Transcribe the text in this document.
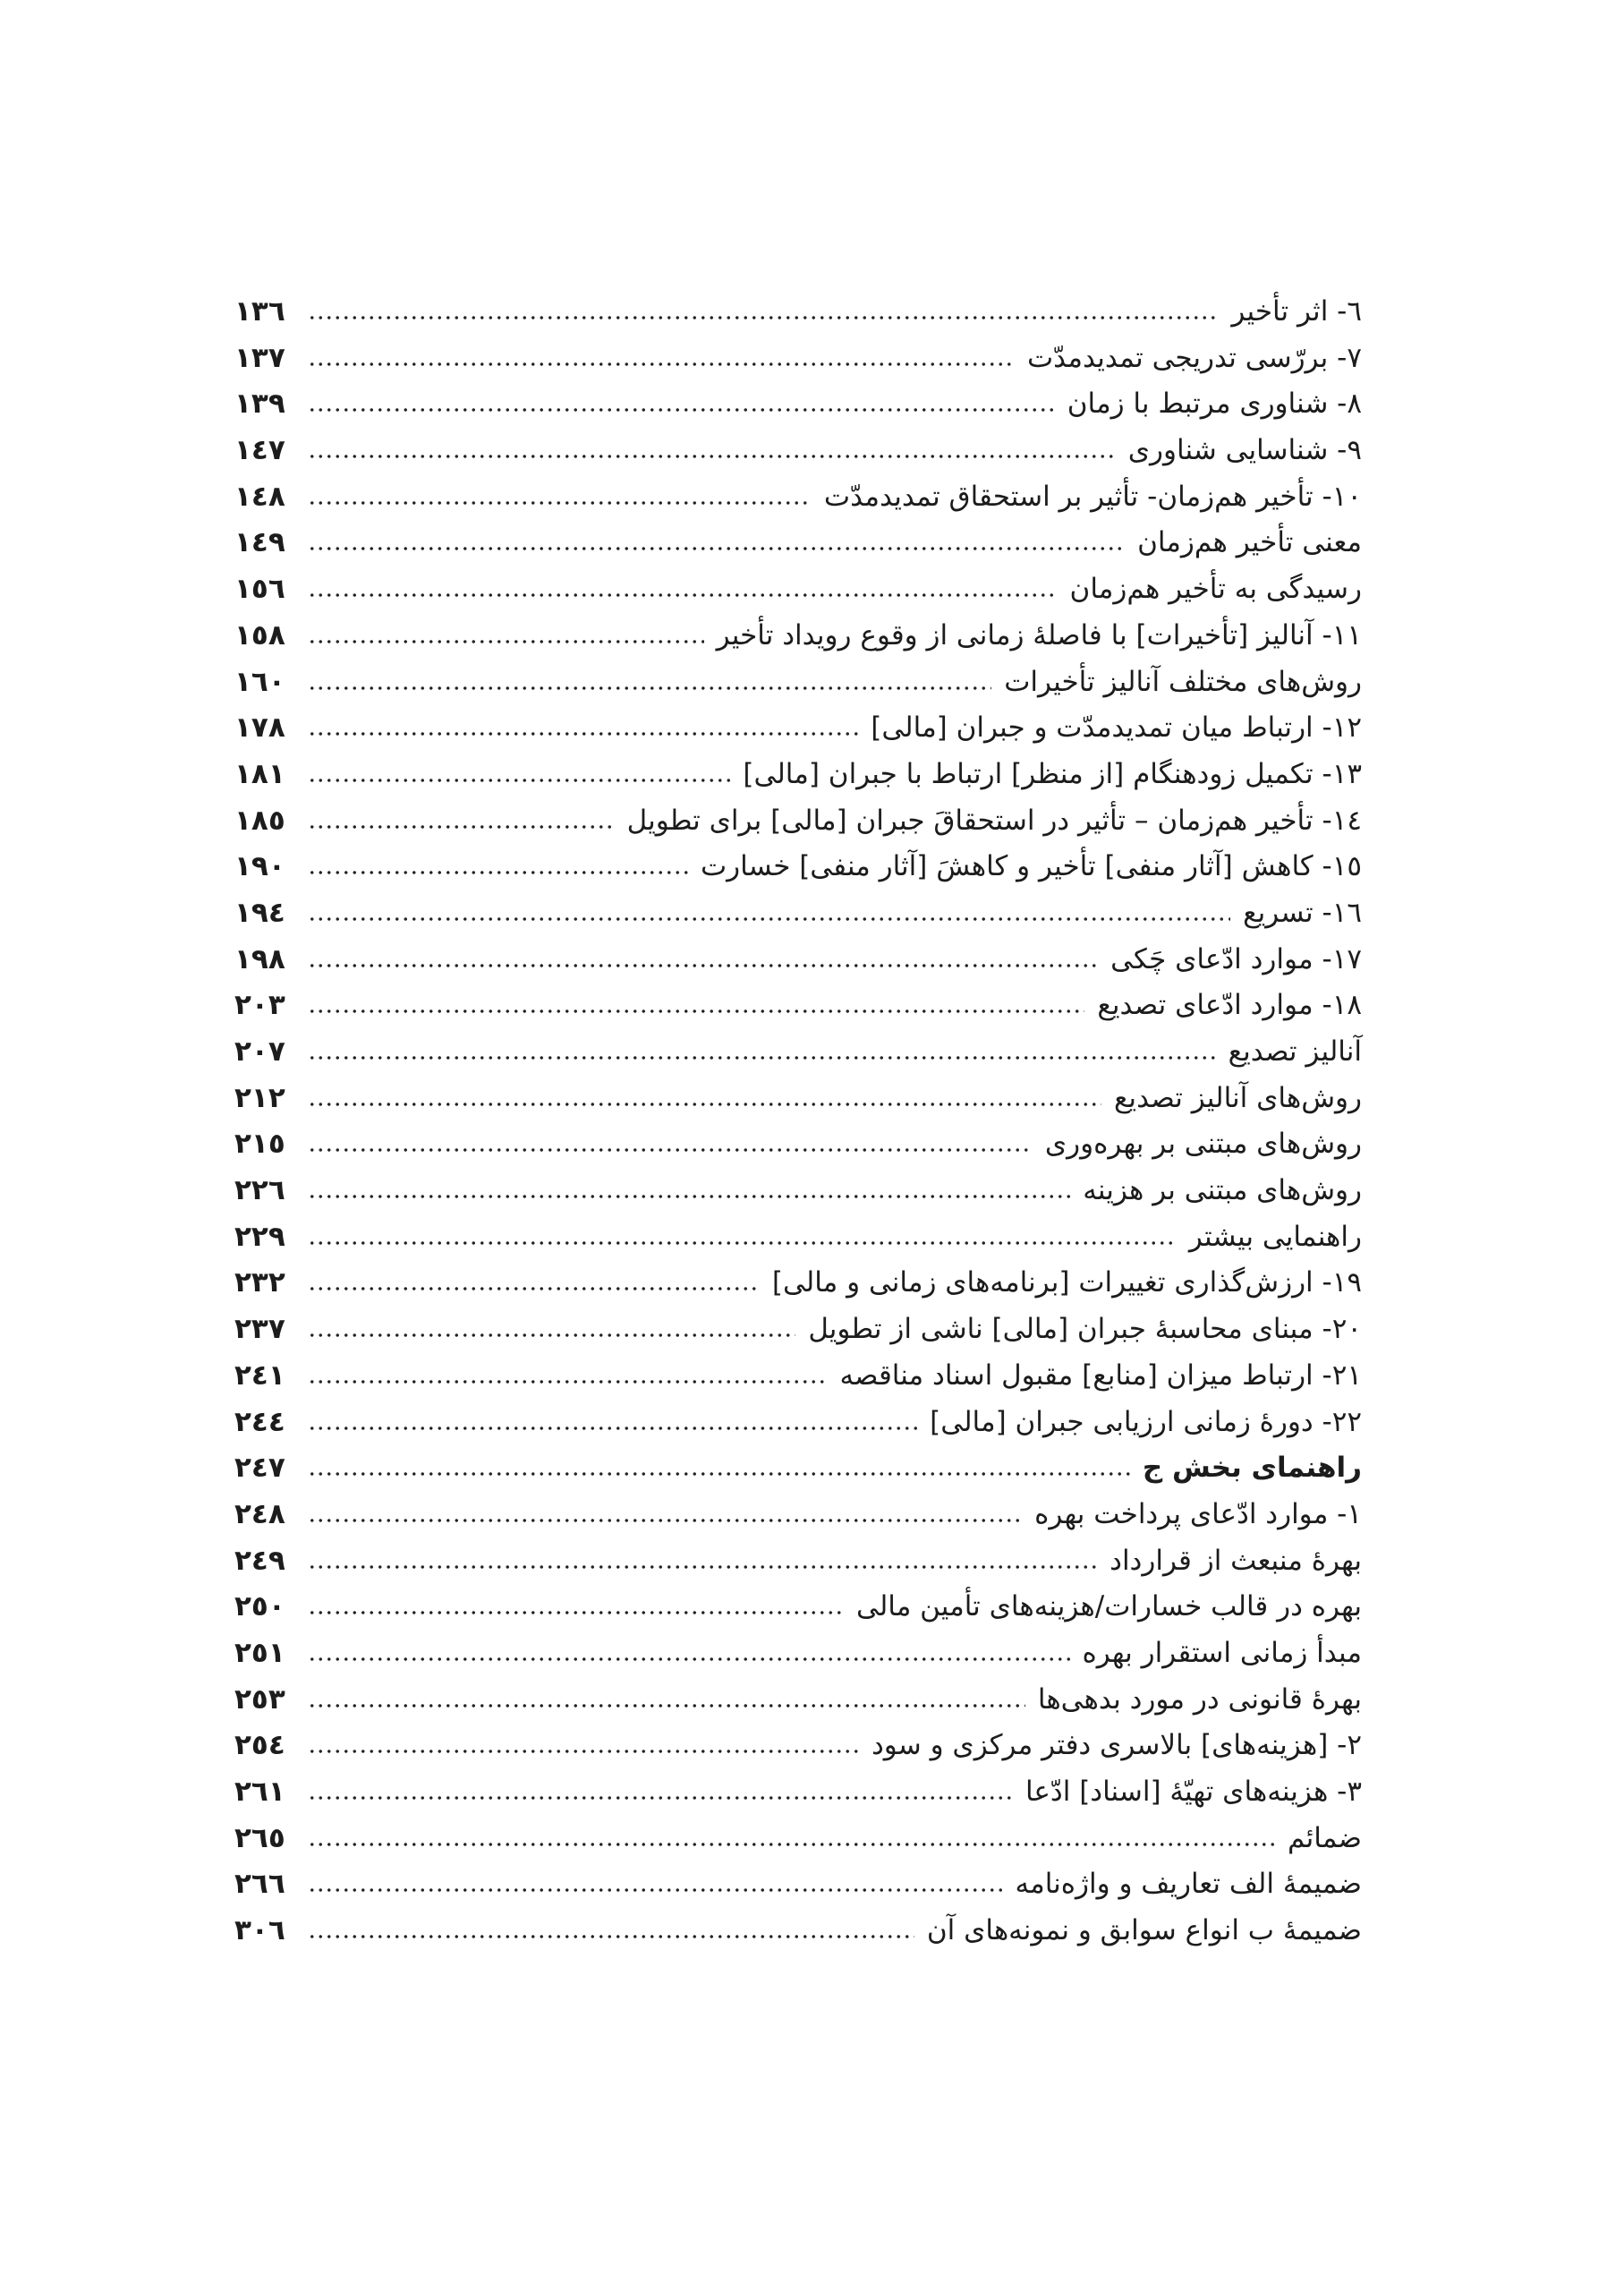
٦- اثر تأخیر
١٣٦
٧- بررّسی تدریجی تمدیدمدّت
١٣٧
٨- شناوری مرتبط با زمان
١٣٩
٩- شناسایی شناوری
١٤٧
١٠- تأخیر هم‌زمان- تأثیر بر استحقاق تمدیدمدّت
١٤٨
معنی تأخیر هم‌زمان
١٤٩
رسیدگی به تأخیر هم‌زمان
١٥٦
١١- آنالیز [تأخیرات] با فاصلهٔ زمانی از وقوع رویداد تأخیر
١٥٨
روش‌های مختلف آنالیز تأخیرات
١٦٠
١٢- ارتباط میان تمدیدمدّت و جبران [مالی]
١٧٨
١٣- تکمیل زودهنگام [از منظر] ارتباط با جبران [مالی]
١٨١
١٤- تأخیر هم‌زمان – تأثیر در استحقاقَ جبران [مالی] برای تطویل
١٨٥
١٥- کاهش [آثار منفی] تأخیر و کاهشَ [آثار منفی] خسارت
١٩٠
١٦- تسریع
١٩٤
١٧- موارد ادّعای چَکی
١٩٨
١٨- موارد ادّعای تصدیع
٢٠٣
آنالیز تصدیع
٢٠٧
روش‌های آنالیز تصدیع
٢١٢
روش‌های مبتنی بر بهره‌وری
٢١٥
روش‌های مبتنی بر هزینه
٢٢٦
راهنمایی بیشتر
٢٢٩
١٩- ارزش‌گذاری تغییرات [برنامه‌های زمانی و مالی]
٢٣٢
٢٠- مبنای محاسبهٔ جبران [مالی] ناشی از تطویل
٢٣٧
٢١- ارتباط میزان [منابع] مقبول اسناد مناقصه
٢٤١
٢٢- دورهٔ زمانی ارزیابی جبران [مالی]
٢٤٤
راهنمای بخش ج
٢٤٧
١- موارد ادّعای پرداخت بهره
٢٤٨
بهرهٔ منبعث از قرارداد
٢٤٩
بهره در قالب خسارات/هزینه‌های تأمین مالی
٢٥٠
مبدأ زمانی استقرار بهره
٢٥١
بهرهٔ قانونی در مورد بدهی‌ها
٢٥٣
٢- [هزینه‌های] بالاسری دفتر مرکزی و سود
٢٥٤
٣- هزینه‌های تهیّهٔ [اسناد] ادّعا
٢٦١
ضمائم
٢٦٥
ضمیمهٔ الف تعاریف و واژه‌نامه
٢٦٦
ضمیمهٔ ب انواع سوابق و نمونه‌های آن
٣٠٦
